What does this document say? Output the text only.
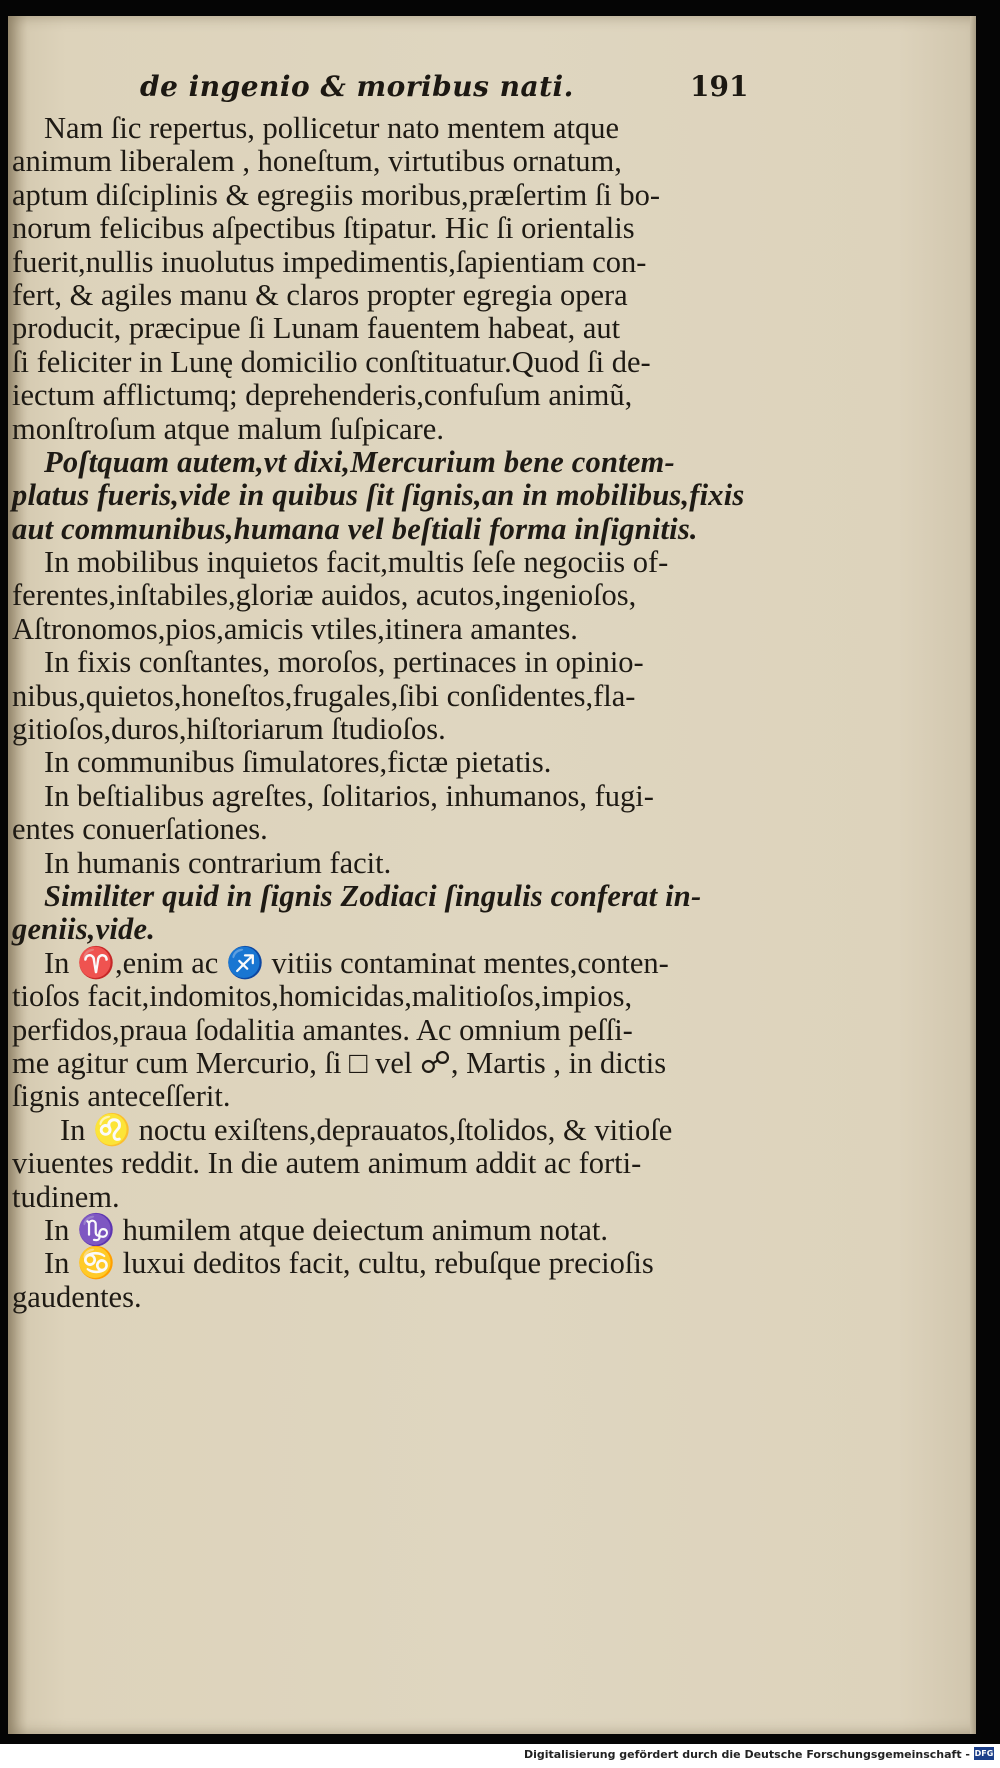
de ingenio & moribus nati.	191
Nam ſic repertus, pollicetur nato mentem atque
animum liberalem , honeſtum, virtutibus ornatum,
aptum diſciplinis & egregiis moribus,præſertim ſi bo-
norum felicibus aſpectibus ſtipatur. Hic ſi orientalis
fuerit,nullis inuolutus impedimentis,ſapientiam con-
fert, & agiles manu & claros propter egregia opera
producit, præcipue ſi Lunam fauentem habeat, aut
ſi feliciter in Lunę domicilio conſtituatur.Quod ſi de-
iectum afflictumq; deprehenderis,confuſum animũ,
monſtroſum atque malum ſuſpicare.
Poſtquam autem,vt dixi,Mercurium bene contem-
platus fueris,vide in quibus ſit ſignis,an in mobilibus,fixis
aut communibus,humana vel beſtiali forma inſignitis.
In mobilibus inquietos facit,multis ſeſe negociis of-
ferentes,inſtabiles,gloriæ auidos, acutos,ingenioſos,
Aſtronomos,pios,amicis vtiles,itinera amantes.
In fixis conſtantes, moroſos, pertinaces in opinio-
nibus,quietos,honeſtos,frugales,ſibi conſidentes,fla-
gitioſos,duros,hiſtoriarum ſtudioſos.
In communibus ſimulatores,fictæ pietatis.
In beſtialibus agreſtes, ſolitarios, inhumanos, fugi-
entes conuerſationes.
In humanis contrarium facit.
Similiter quid in ſignis Zodiaci ſingulis conferat in-
geniis,vide.
In ♈,enim ac ♐ vitiis contaminat mentes,conten-
tioſos facit,indomitos,homicidas,malitioſos,impios,
perfidos,praua ſodalitia amantes. Ac omnium peſſi-
me agitur cum Mercurio, ſi □ vel ☍, Martis , in dictis
ſignis anteceſſerit.
In ♌ noctu exiſtens,deprauatos,ſtolidos, & vitioſe
viuentes reddit. In die autem animum addit ac forti-
tudinem.
In ♑ humilem atque deiectum animum notat.
In ♋ luxui deditos facit, cultu, rebuſque precioſis
gaudentes.
Digitalisierung gefördert durch die Deutsche Forschungsgemeinschaft - DFG
